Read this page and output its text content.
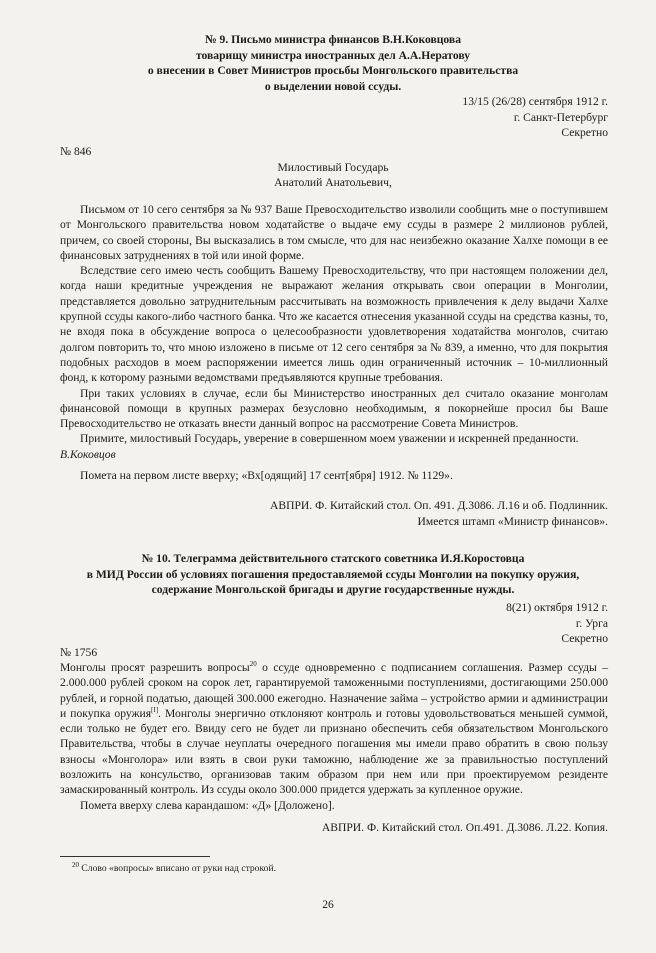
№ 9. Письмо министра финансов В.Н.Коковцова
товарищу министра иностранных дел А.А.Нератову
о внесении в Совет Министров просьбы Монгольского правительства
о выделении новой ссуды.
13/15 (26/28) сентября 1912 г.
г. Санкт-Петербург
Секретно
№ 846
Милостивый Государь
Анатолий Анатольевич,

Письмом от 10 сего сентября за № 937 Ваше Превосходительство изволили сообщить мне о поступившем от Монгольского правительства новом ходатайстве о выдаче ему ссуды в размере 2 миллионов рублей, причем, со своей стороны, Вы высказались в том смысле, что для нас неизбежно оказание Халхе помощи в ее финансовых затруднениях в той или иной форме.

Вследствие сего имею честь сообщить Вашему Превосходительству, что при настоящем положении дел, когда наши кредитные учреждения не выражают желания открывать свои операции в Монголии, представляется довольно затруднительным рассчитывать на возможность привлечения к делу выдачи Халхе крупной ссуды какого-либо частного банка. Что же касается отнесения указанной ссуды на средства казны, то, не входя пока в обсуждение вопроса о целесообразности удовлетворения ходатайства монголов, считаю долгом повторить то, что мною изложено в письме от 12 сего сентября за № 839, а именно, что для покрытия подобных расходов в моем распоряжении имеется лишь один ограниченный источник – 10-миллионный фонд, к которому разными ведомствами предъявляются крупные требования.

При таких условиях в случае, если бы Министерство иностранных дел считало оказание монголам финансовой помощи в крупных размерах безусловно необходимым, я покорнейше просил бы Ваше Превосходительство не отказать внести данный вопрос на рассмотрение Совета Министров.

Примите, милостивый Государь, уверение в совершенном моем уважении и искренней преданности.

В.Коковцов

Помета на первом листе вверху; «Вх[одящий] 17 сент[ября] 1912. № 1129».
АВПРИ. Ф. Китайский стол. Оп. 491. Д.3086. Л.16 и об. Подлинник.
Имеется штамп «Министр финансов».
№ 10. Телеграмма действительного статского советника И.Я.Коростовца
в МИД России об условиях погашения предоставляемой ссуды Монголии на покупку оружия,
содержание Монгольской бригады и другие государственные нужды.
8(21) октября 1912 г.
г. Урга
Секретно
№ 1756

Монголы просят разрешить вопросы$^{20}$ о ссуде одновременно с подписанием соглашения. Размер ссуды – 2.000.000 рублей сроком на сорок лет, гарантируемой таможенными поступлениями, достигающими 250.000 рублей, и горной податью, дающей 300.000 ежегодно. Назначение займа – устройство армии и администрации и покупка оружия[I]. Монголы энергично отклоняют контроль и готовы удовольствоваться меньшей суммой, если только не будет его. Ввиду сего не будет ли признано обеспечить себя обязательством Монгольского Правительства, чтобы в случае неуплаты очередного погашения мы имели право обратить в свою пользу взносы «Монголора» или взять в свои руки таможню, наблюдение же за правильностью поступлений возложить на консульство, организовав таким образом при нем или при проектируемом резиденте замаскированный контроль. Из ссуды около 300.000 придется удержать за купленное оружие.

Помета вверху слева карандашом: «Д» [Доложено].

АВПРИ. Ф. Китайский стол. Оп.491. Д.3086. Л.22. Копия.
$^{20}$ Слово «вопросы» вписано от руки над строкой.
26
